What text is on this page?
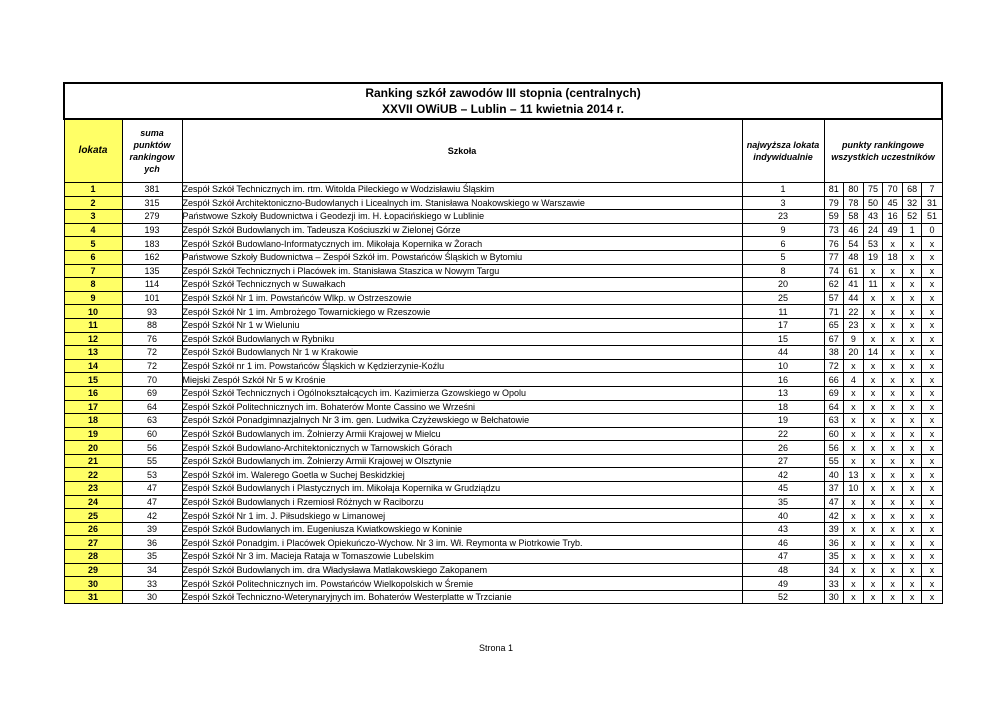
Ranking szkół zawodów III stopnia (centralnych)
XXVII OWiUB – Lublin – 11 kwietnia 2014 r.									

lokata	suma punktów rankingow ych	Szkoła	najwyższa lokata indywidualnie	punkty rankingowe wszystkich uczestników					
1	381	Zespół Szkół Technicznych im. rtm. Witolda Pileckiego w Wodzisławiu Śląskim	1	81	80	75	70	68	7
2	315	Zespół Szkół Architektoniczno-Budowlanych i Licealnych im. Stanisława Noakowskiego w Warszawie	3	79	78	50	45	32	31
3	279	Państwowe Szkoły Budownictwa i Geodezji im. H. Łopacińskiego w Lublinie	23	59	58	43	16	52	51
4	193	Zespół Szkół Budowlanych im. Tadeusza Kościuszki w Zielonej Górze	9	73	46	24	49	1	0
5	183	Zespół Szkół Budowlano-Informatycznych im. Mikołaja Kopernika w Żorach	6	76	54	53	x	x	x
6	162	Państwowe Szkoły Budownictwa – Zespół Szkół im. Powstańców Śląskich w Bytomiu	5	77	48	19	18	x	x
7	135	Zespół Szkół Technicznych i Placówek im. Stanisława Staszica w Nowym Targu	8	74	61	x	x	x	x
8	114	Zespół Szkół Technicznych w Suwałkach	20	62	41	11	x	x	x
9	101	Zespół Szkół Nr 1 im. Powstańców Wlkp. w Ostrzeszowie	25	57	44	x	x	x	x
10	93	Zespół Szkół Nr 1 im. Ambrożego Towarnickiego w Rzeszowie	11	71	22	x	x	x	x
11	88	Zespół Szkół Nr 1 w Wieluniu	17	65	23	x	x	x	x
12	76	Zespół Szkół Budowlanych w Rybniku	15	67	9	x	x	x	x
13	72	Zespół Szkół Budowlanych Nr 1 w Krakowie	44	38	20	14	x	x	x
14	72	Zespół Szkół nr 1 im. Powstańców Śląskich w Kędzierzynie-Koźlu	10	72	x	x	x	x	x
15	70	Miejski Zespół Szkół Nr 5 w Krośnie	16	66	4	x	x	x	x
16	69	Zespół Szkół Technicznych i Ogólnokształcących im. Kazimierza Gzowskiego w Opolu	13	69	x	x	x	x	x
17	64	Zespół Szkół Politechnicznych im. Bohaterów Monte Cassino we Wrześni	18	64	x	x	x	x	x
18	63	Zespół Szkół Ponadgimnazjalnych Nr 3 im. gen. Ludwika Czyżewskiego w Bełchatowie	19	63	x	x	x	x	x
19	60	Zespół Szkół Budowlanych im. Żołnierzy Armii Krajowej w Mielcu	22	60	x	x	x	x	x
20	56	Zespół Szkół Budowlano-Architektonicznych w Tarnowskich Górach	26	56	x	x	x	x	x
21	55	Zespół Szkół Budowlanych im. Żołnierzy Armii Krajowej w Olsztynie	27	55	x	x	x	x	x
22	53	Zespół Szkół im. Walerego Goetla w Suchej Beskidzkiej	42	40	13	x	x	x	x
23	47	Zespół Szkół Budowlanych i Plastycznych im. Mikołaja Kopernika w Grudziądzu	45	37	10	x	x	x	x
24	47	Zespół Szkół Budowlanych i Rzemiosł Różnych w Raciborzu	35	47	x	x	x	x	x
25	42	Zespół Szkół Nr 1 im. J. Piłsudskiego w Limanowej	40	42	x	x	x	x	x
26	39	Zespół Szkół Budowlanych im. Eugeniusza Kwiatkowskiego w Koninie	43	39	x	x	x	x	x
27	36	Zespół Szkół Ponadgim. i Placówek Opiekuńczo-Wychow. Nr 3 im. Wł. Reymonta w Piotrkowie Tryb.	46	36	x	x	x	x	x
28	35	Zespół Szkół Nr 3 im. Macieja Rataja w Tomaszowie Lubelskim	47	35	x	x	x	x	x
29	34	Zespół Szkół Budowlanych im. dra Władysława Matlakowskiego Zakopanem	48	34	x	x	x	x	x
30	33	Zespół Szkół Politechnicznych im. Powstańców Wielkopolskich w Śremie	49	33	x	x	x	x	x
31	30	Zespół Szkół Techniczno-Weterynaryjnych im. Bohaterów Westerplatte w Trzcianie	52	30	x	x	x	x	x
Strona 1
